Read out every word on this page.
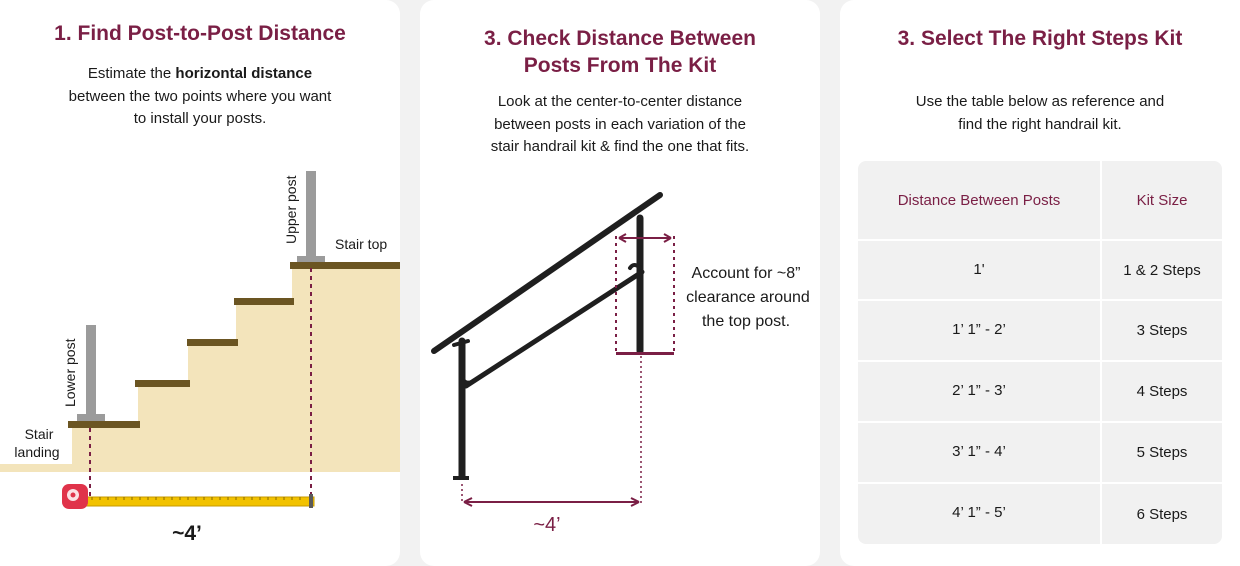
1. Find Post-to-Post Distance

Estimate the horizontal distance
between the two points where you want
to install your posts.

Upper post
Lower post
Stair top
Stair
landing
~4’
3. Check Distance Between
Posts From The Kit

Look at the center-to-center distance
between posts in each variation of the
stair handrail kit & find the one that fits.

Account for ~8”
clearance around
the top post.
~4’
3. Select The Right Steps Kit

Use the table below as reference and
find the right handrail kit.

Distance Between Posts	Kit Size
1'	1 & 2 Steps
1’ 1” - 2’	3 Steps
2’ 1” - 3’	4 Steps
3’ 1” - 4’	5 Steps
4’ 1” - 5’	6 Steps
